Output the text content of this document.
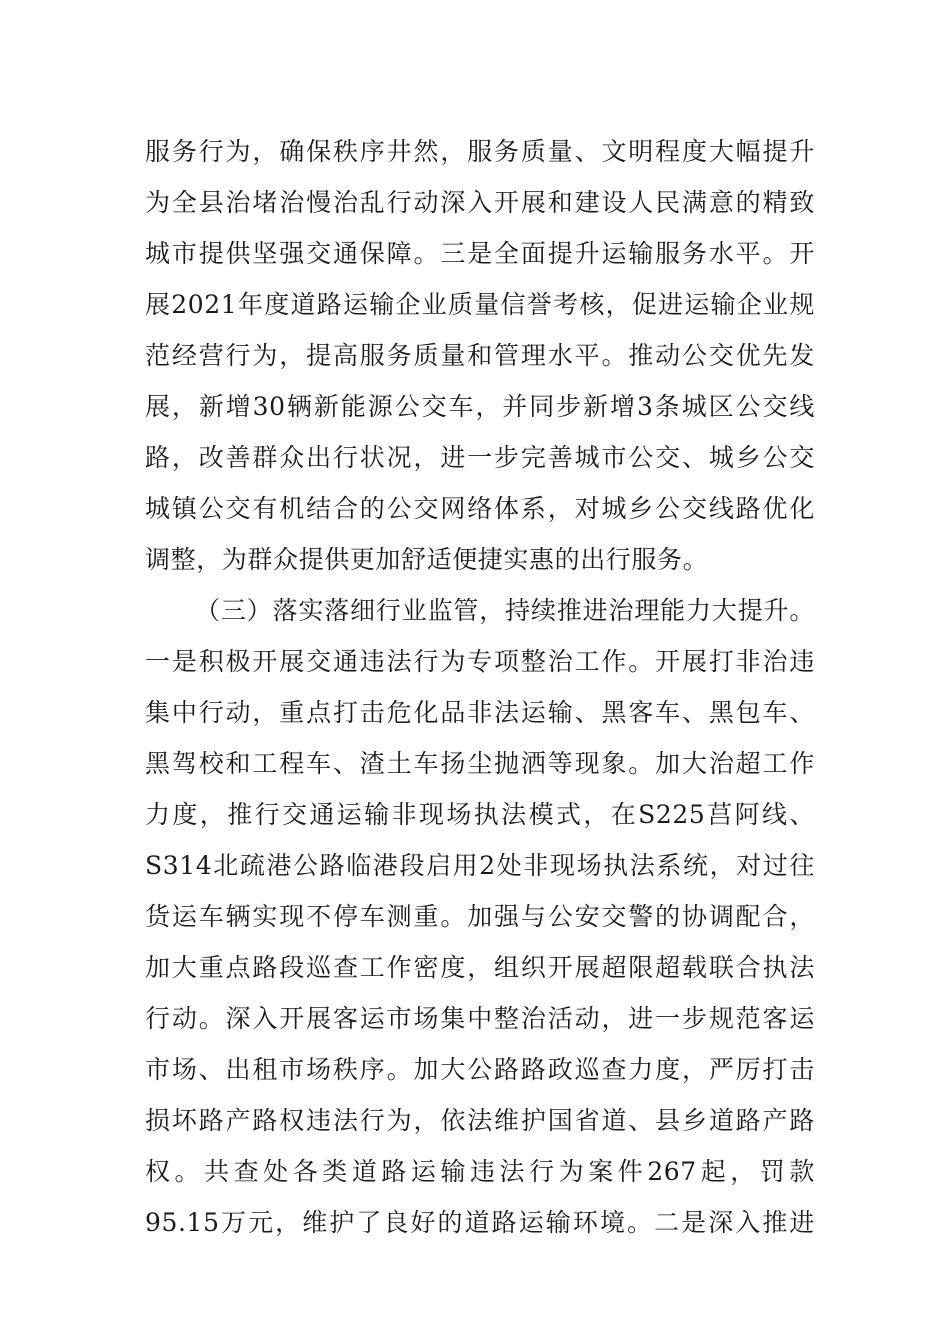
服务行为，确保秩序井然，服务质量、文明程度大幅提升
为全县治堵治慢治乱行动深入开展和建设人民满意的精致
城市提供坚强交通保障。三是全面提升运输服务水平。开
展2021年度道路运输企业质量信誉考核，促进运输企业规
范经营行为，提高服务质量和管理水平。推动公交优先发
展，新增30辆新能源公交车，并同步新增3条城区公交线
路，改善群众出行状况，进一步完善城市公交、城乡公交
城镇公交有机结合的公交网络体系，对城乡公交线路优化
调整，为群众提供更加舒适便捷实惠的出行服务。
（三）落实落细行业监管，持续推进治理能力大提升。
一是积极开展交通违法行为专项整治工作。开展打非治违
集中行动，重点打击危化品非法运输、黑客车、黑包车、
黑驾校和工程车、渣土车扬尘抛洒等现象。加大治超工作
力度，推行交通运输非现场执法模式，在S225莒阿线、
S314北疏港公路临港段启用2处非现场执法系统，对过往
货运车辆实现不停车测重。加强与公安交警的协调配合，
加大重点路段巡查工作密度，组织开展超限超载联合执法
行动。深入开展客运市场集中整治活动，进一步规范客运
市场、出租市场秩序。加大公路路政巡查力度，严厉打击
损坏路产路权违法行为，依法维护国省道、县乡道路产路
权。共查处各类道路运输违法行为案件267起，罚款
95.15万元，维护了良好的道路运输环境。二是深入推进
